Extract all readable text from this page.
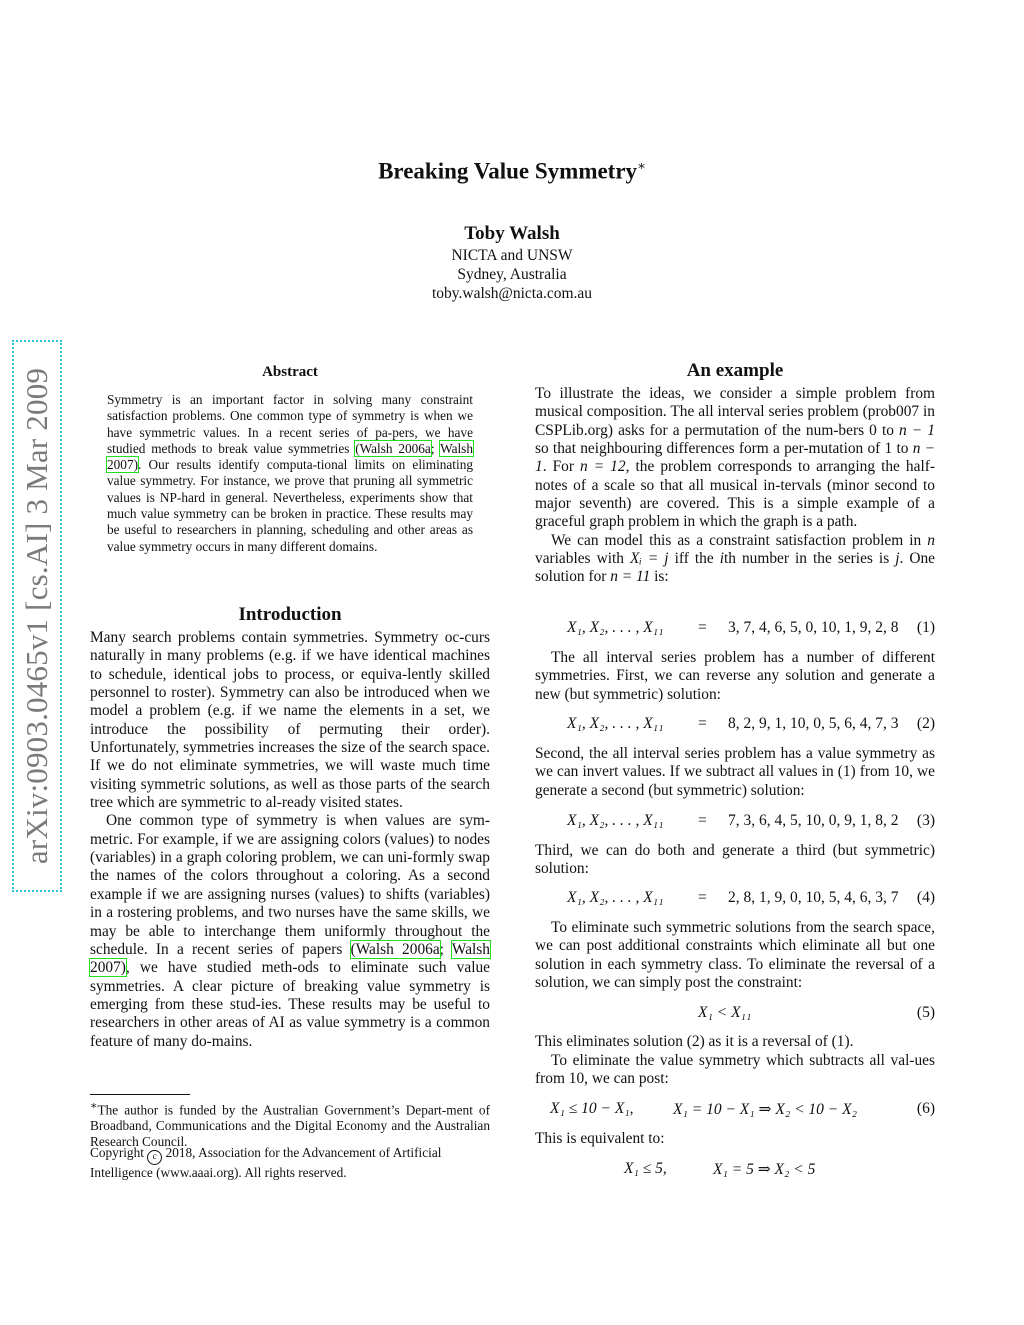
arXiv:0903.0465v1 [cs.AI] 3 Mar 2009
Breaking Value Symmetry∗
Toby Walsh
NICTA and UNSW
Sydney, Australia
toby.walsh@nicta.com.au
Abstract

Symmetry is an important factor in solving many constraint satisfaction problems. One common type of symmetry is when we have symmetric values. In a recent series of pa-pers, we have studied methods to break value symmetries (Walsh 2006a; Walsh 2007). Our results identify computa-tional limits on eliminating value symmetry. For instance, we prove that pruning all symmetric values is NP-hard in general. Nevertheless, experiments show that much value symmetry can be broken in practice. These results may be useful to researchers in planning, scheduling and other areas as value symmetry occurs in many different domains.

Introduction

Many search problems contain symmetries. Symmetry oc-curs naturally in many problems (e.g. if we have identical machines to schedule, identical jobs to process, or equiva-lently skilled personnel to roster). Symmetry can also be introduced when we model a problem (e.g. if we name the elements in a set, we introduce the possibility of permuting their order). Unfortunately, symmetries increases the size of the search space. If we do not eliminate symmetries, we will waste much time visiting symmetric solutions, as well as those parts of the search tree which are symmetric to al-ready visited states.

One common type of symmetry is when values are sym-metric. For example, if we are assigning colors (values) to nodes (variables) in a graph coloring problem, we can uni-formly swap the names of the colors throughout a coloring. As a second example if we are assigning nurses (values) to shifts (variables) in a rostering problems, and two nurses have the same skills, we may be able to interchange them uniformly throughout the schedule. In a recent series of papers (Walsh 2006a; Walsh 2007), we have studied meth-ods to eliminate such value symmetries. A clear picture of breaking value symmetry is emerging from these stud-ies. These results may be useful to researchers in other areas of AI as value symmetry is a common feature of many do-mains.

∗The author is funded by the Australian Government’s Depart-ment of Broadband, Communications and the Digital Economy and the Australian Research Council.

Copyright c 2018, Association for the Advancement of Artificial Intelligence (www.aaai.org). All rights reserved.

An example

To illustrate the ideas, we consider a simple problem from musical composition. The all interval series problem (prob007 in CSPLib.org) asks for a permutation of the num-bers 0 to n − 1 so that neighbouring differences form a per-mutation of 1 to n − 1. For n = 12, the problem corresponds to arranging the half-notes of a scale so that all musical in-tervals (minor second to major seventh) are covered. This is a simple example of a graceful graph problem in which the graph is a path.

We can model this as a constraint satisfaction problem in n variables with Xᵢ = j iff the ith number in the series is j. One solution for n = 11 is:

X₁, X₂, . . . , X₁₁ = 3, 7, 4, 6, 5, 0, 10, 1, 9, 2, 8 (1)

The all interval series problem has a number of different symmetries. First, we can reverse any solution and generate a new (but symmetric) solution:

X₁, X₂, . . . , X₁₁ = 8, 2, 9, 1, 10, 0, 5, 6, 4, 7, 3 (2)

Second, the all interval series problem has a value symmetry as we can invert values. If we subtract all values in (1) from 10, we generate a second (but symmetric) solution:

X₁, X₂, . . . , X₁₁ = 7, 3, 6, 4, 5, 10, 0, 9, 1, 8, 2 (3)

Third, we can do both and generate a third (but symmetric) solution:

X₁, X₂, . . . , X₁₁ = 2, 8, 1, 9, 0, 10, 5, 4, 6, 3, 7 (4)

To eliminate such symmetric solutions from the search space, we can post additional constraints which eliminate all but one solution in each symmetry class. To eliminate the reversal of a solution, we can simply post the constraint:

X₁ < X₁₁	(5)

This eliminates solution (2) as it is a reversal of (1).

To eliminate the value symmetry which subtracts all val-ues from 10, we can post:

X₁ ≤ 10 − X₁,	X₁ = 10 − X₁ ⇒ X₂ < 10 − X₂	(6)

This is equivalent to:

X₁ ≤ 5,	X₁ = 5 ⇒ X₂ < 5
